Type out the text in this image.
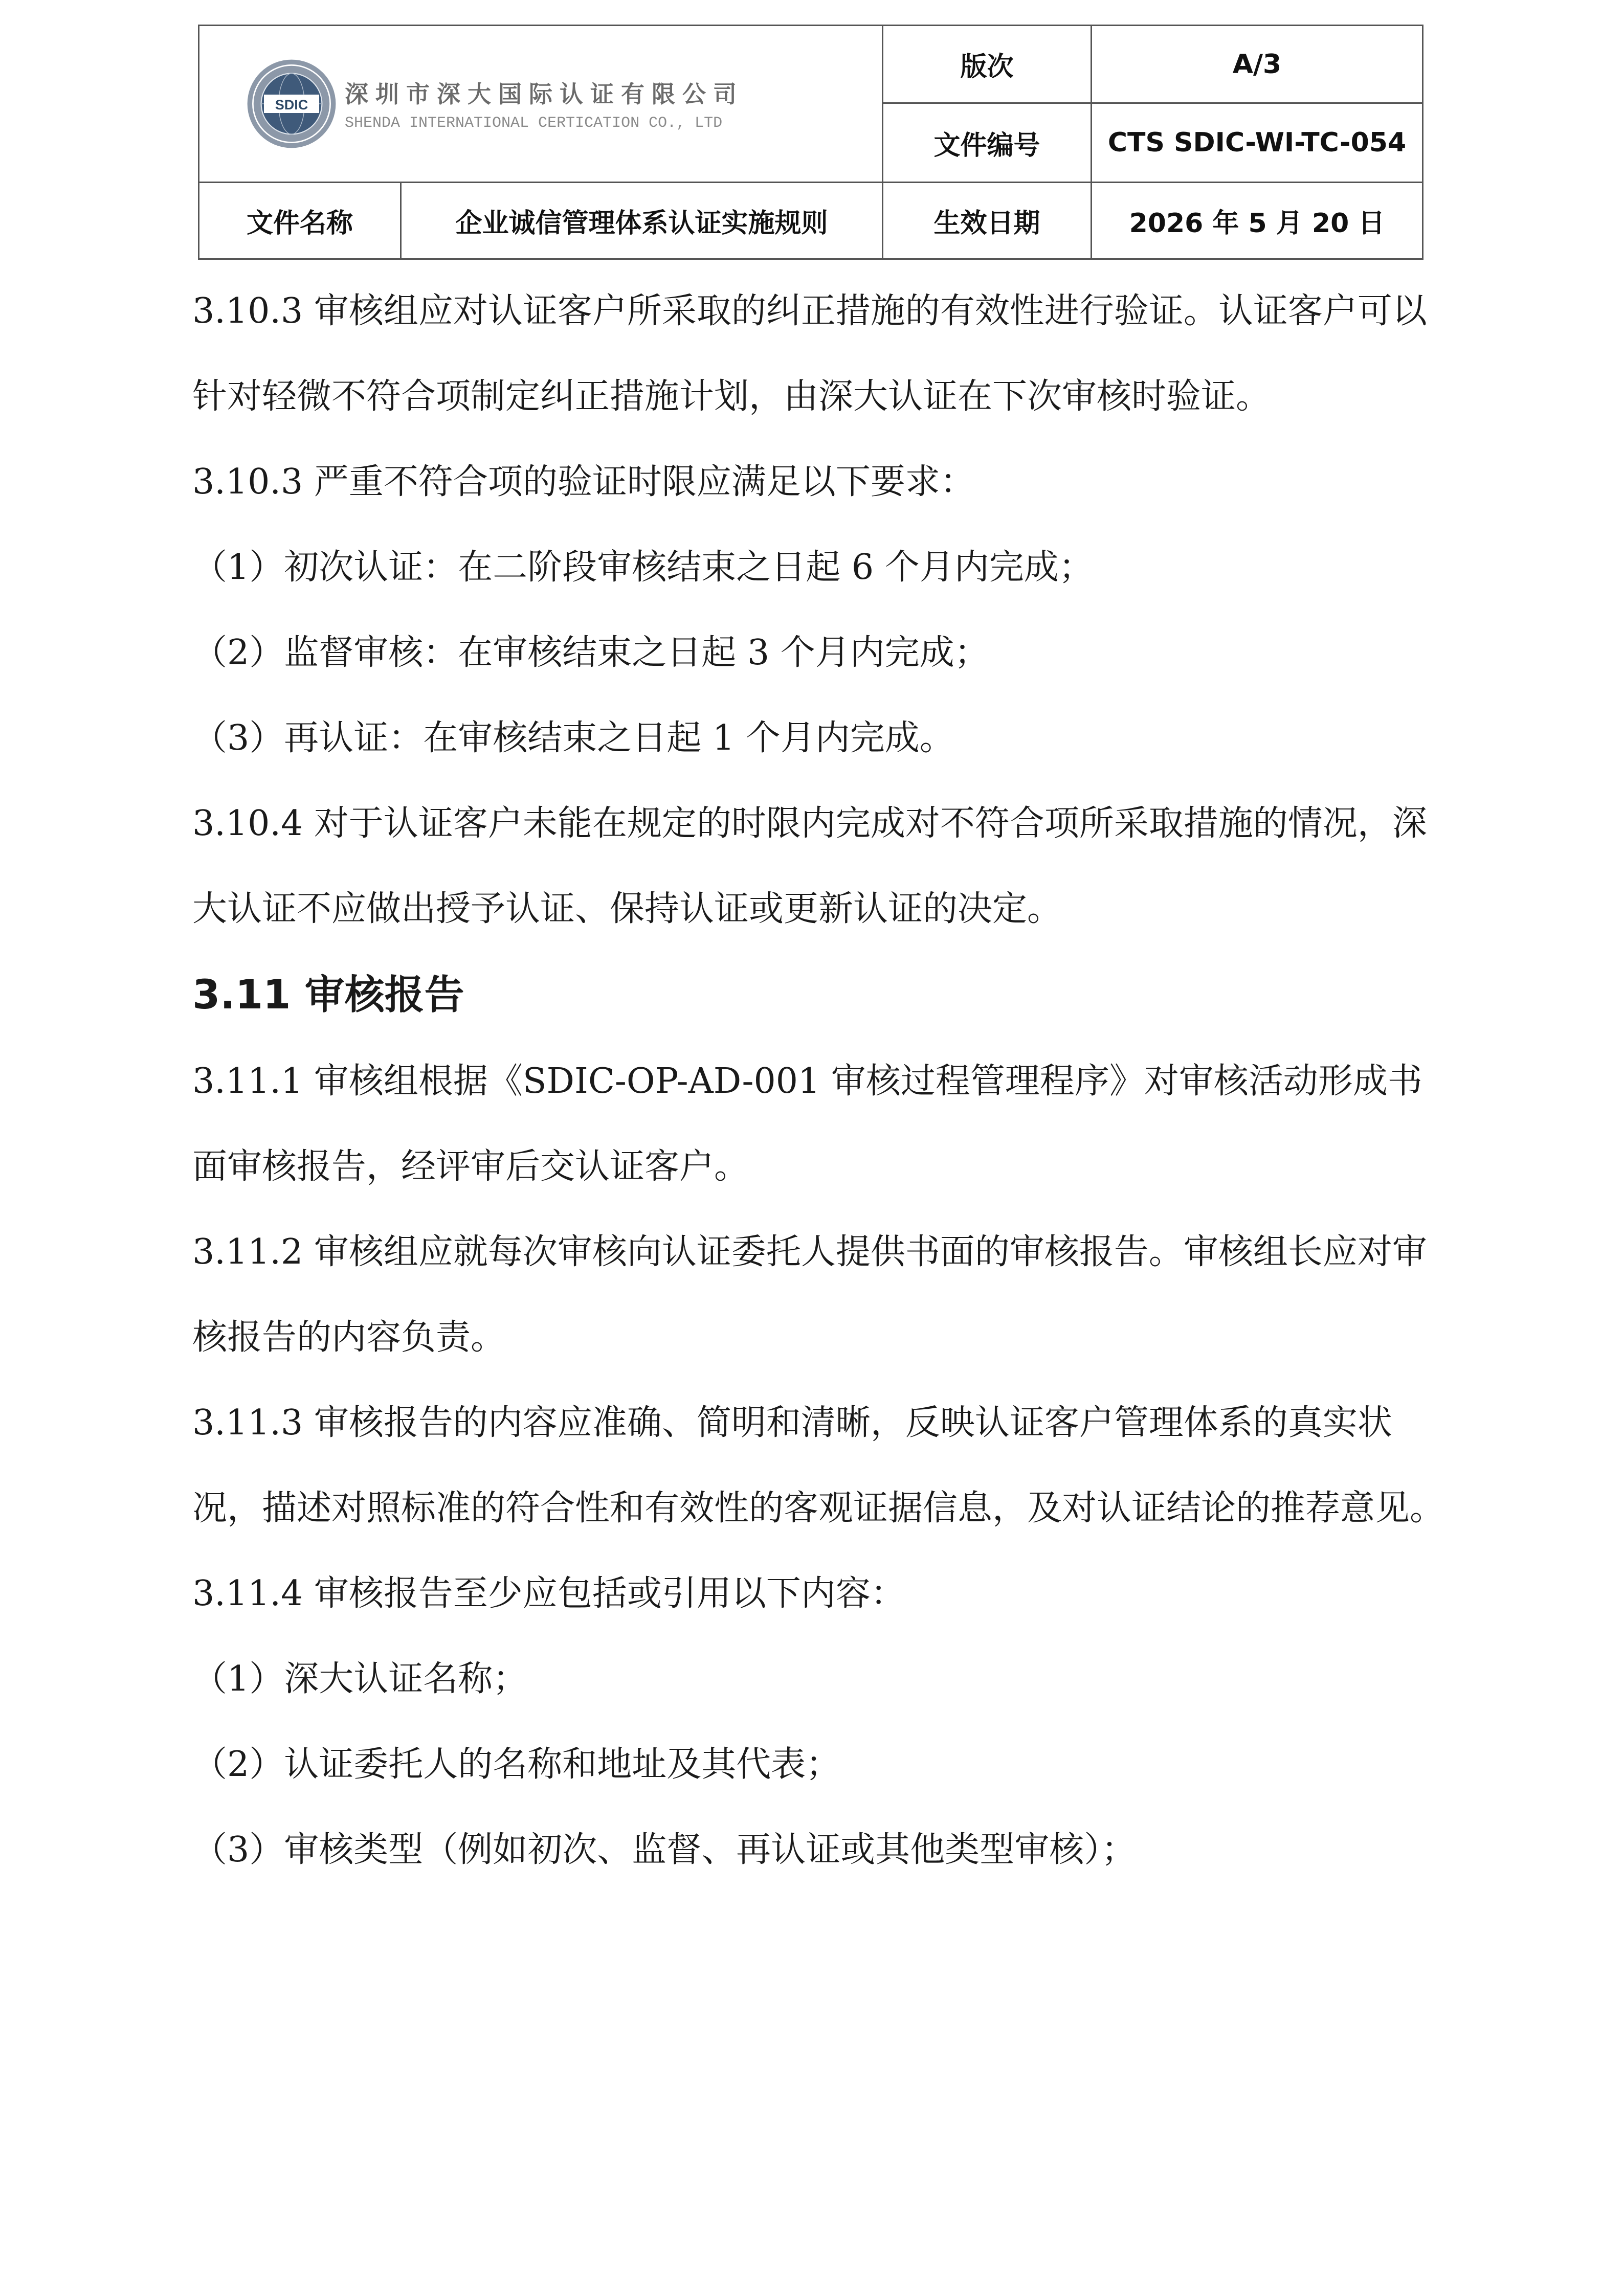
SDIC 深圳市深大国际认证有限公司
SHENDA INTERNATIONAL CERTICATION CO., LTD		版次	A/3
		文件编号	CTS SDIC-WI-TC-054
文件名称	企业诚信管理体系认证实施规则	生效日期	2026 年 5 月 20 日

3.10.3 审核组应对认证客户所采取的纠正措施的有效性进行验证。认证客户可以针对轻微不符合项制定纠正措施计划，由深大认证在下次审核时验证。

3.10.3 严重不符合项的验证时限应满足以下要求：

（1）初次认证：在二阶段审核结束之日起 6 个月内完成；

（2）监督审核：在审核结束之日起 3 个月内完成；

（3）再认证：在审核结束之日起 1 个月内完成。

3.10.4 对于认证客户未能在规定的时限内完成对不符合项所采取措施的情况，深大认证不应做出授予认证、保持认证或更新认证的决定。

3.11 审核报告

3.11.1 审核组根据《SDIC-OP-AD-001 审核过程管理程序》对审核活动形成书面审核报告，经评审后交认证客户。

3.11.2 审核组应就每次审核向认证委托人提供书面的审核报告。审核组长应对审核报告的内容负责。

3.11.3 审核报告的内容应准确、简明和清晰，反映认证客户管理体系的真实状况，描述对照标准的符合性和有效性的客观证据信息，及对认证结论的推荐意见。

3.11.4 审核报告至少应包括或引用以下内容：

（1）深大认证名称；

（2）认证委托人的名称和地址及其代表；

（3）审核类型（例如初次、监督、再认证或其他类型审核）；
